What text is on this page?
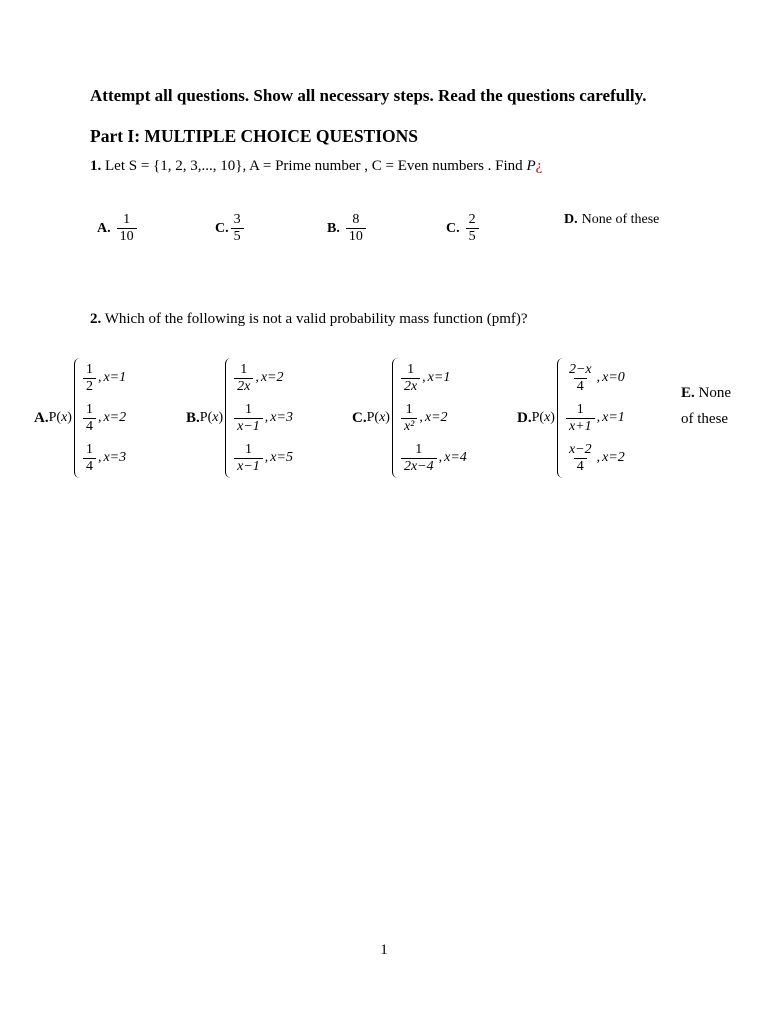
Attempt all questions. Show all necessary steps. Read the questions carefully.
Part I: MULTIPLE CHOICE QUESTIONS
1. Let S = {1, 2, 3,..., 10}, A = Prime number , C = Even numbers . Find P¿
A. $\frac{1}{10}$	C. $\frac{3}{5}$	B. $\frac{8}{10}$	C. $\frac{2}{5}$	D. None of these
2. Which of the following is not a valid probability mass function (pmf)?
A. P(x)
$\frac{1}{2}$ , x=1
$\frac{1}{4}$ , x=2
$\frac{1}{4}$ , x=3
B. P(x)
$\frac{1}{2x}$ , x=2
$\frac{1}{x-1}$ , x=3
$\frac{1}{x-1}$ , x=5
C. P(x)
$\frac{1}{2x}$ , x=1
$\frac{1}{\text{x²}}$ , x=2
$\frac{1}{2x-4}$ , x=4
D. P(x)
$\frac{2-x}{4}$ , x=0
$\frac{1}{x+1}$ , x=1
$\frac{x-2}{4}$ , x=2
E. None
of these
1
